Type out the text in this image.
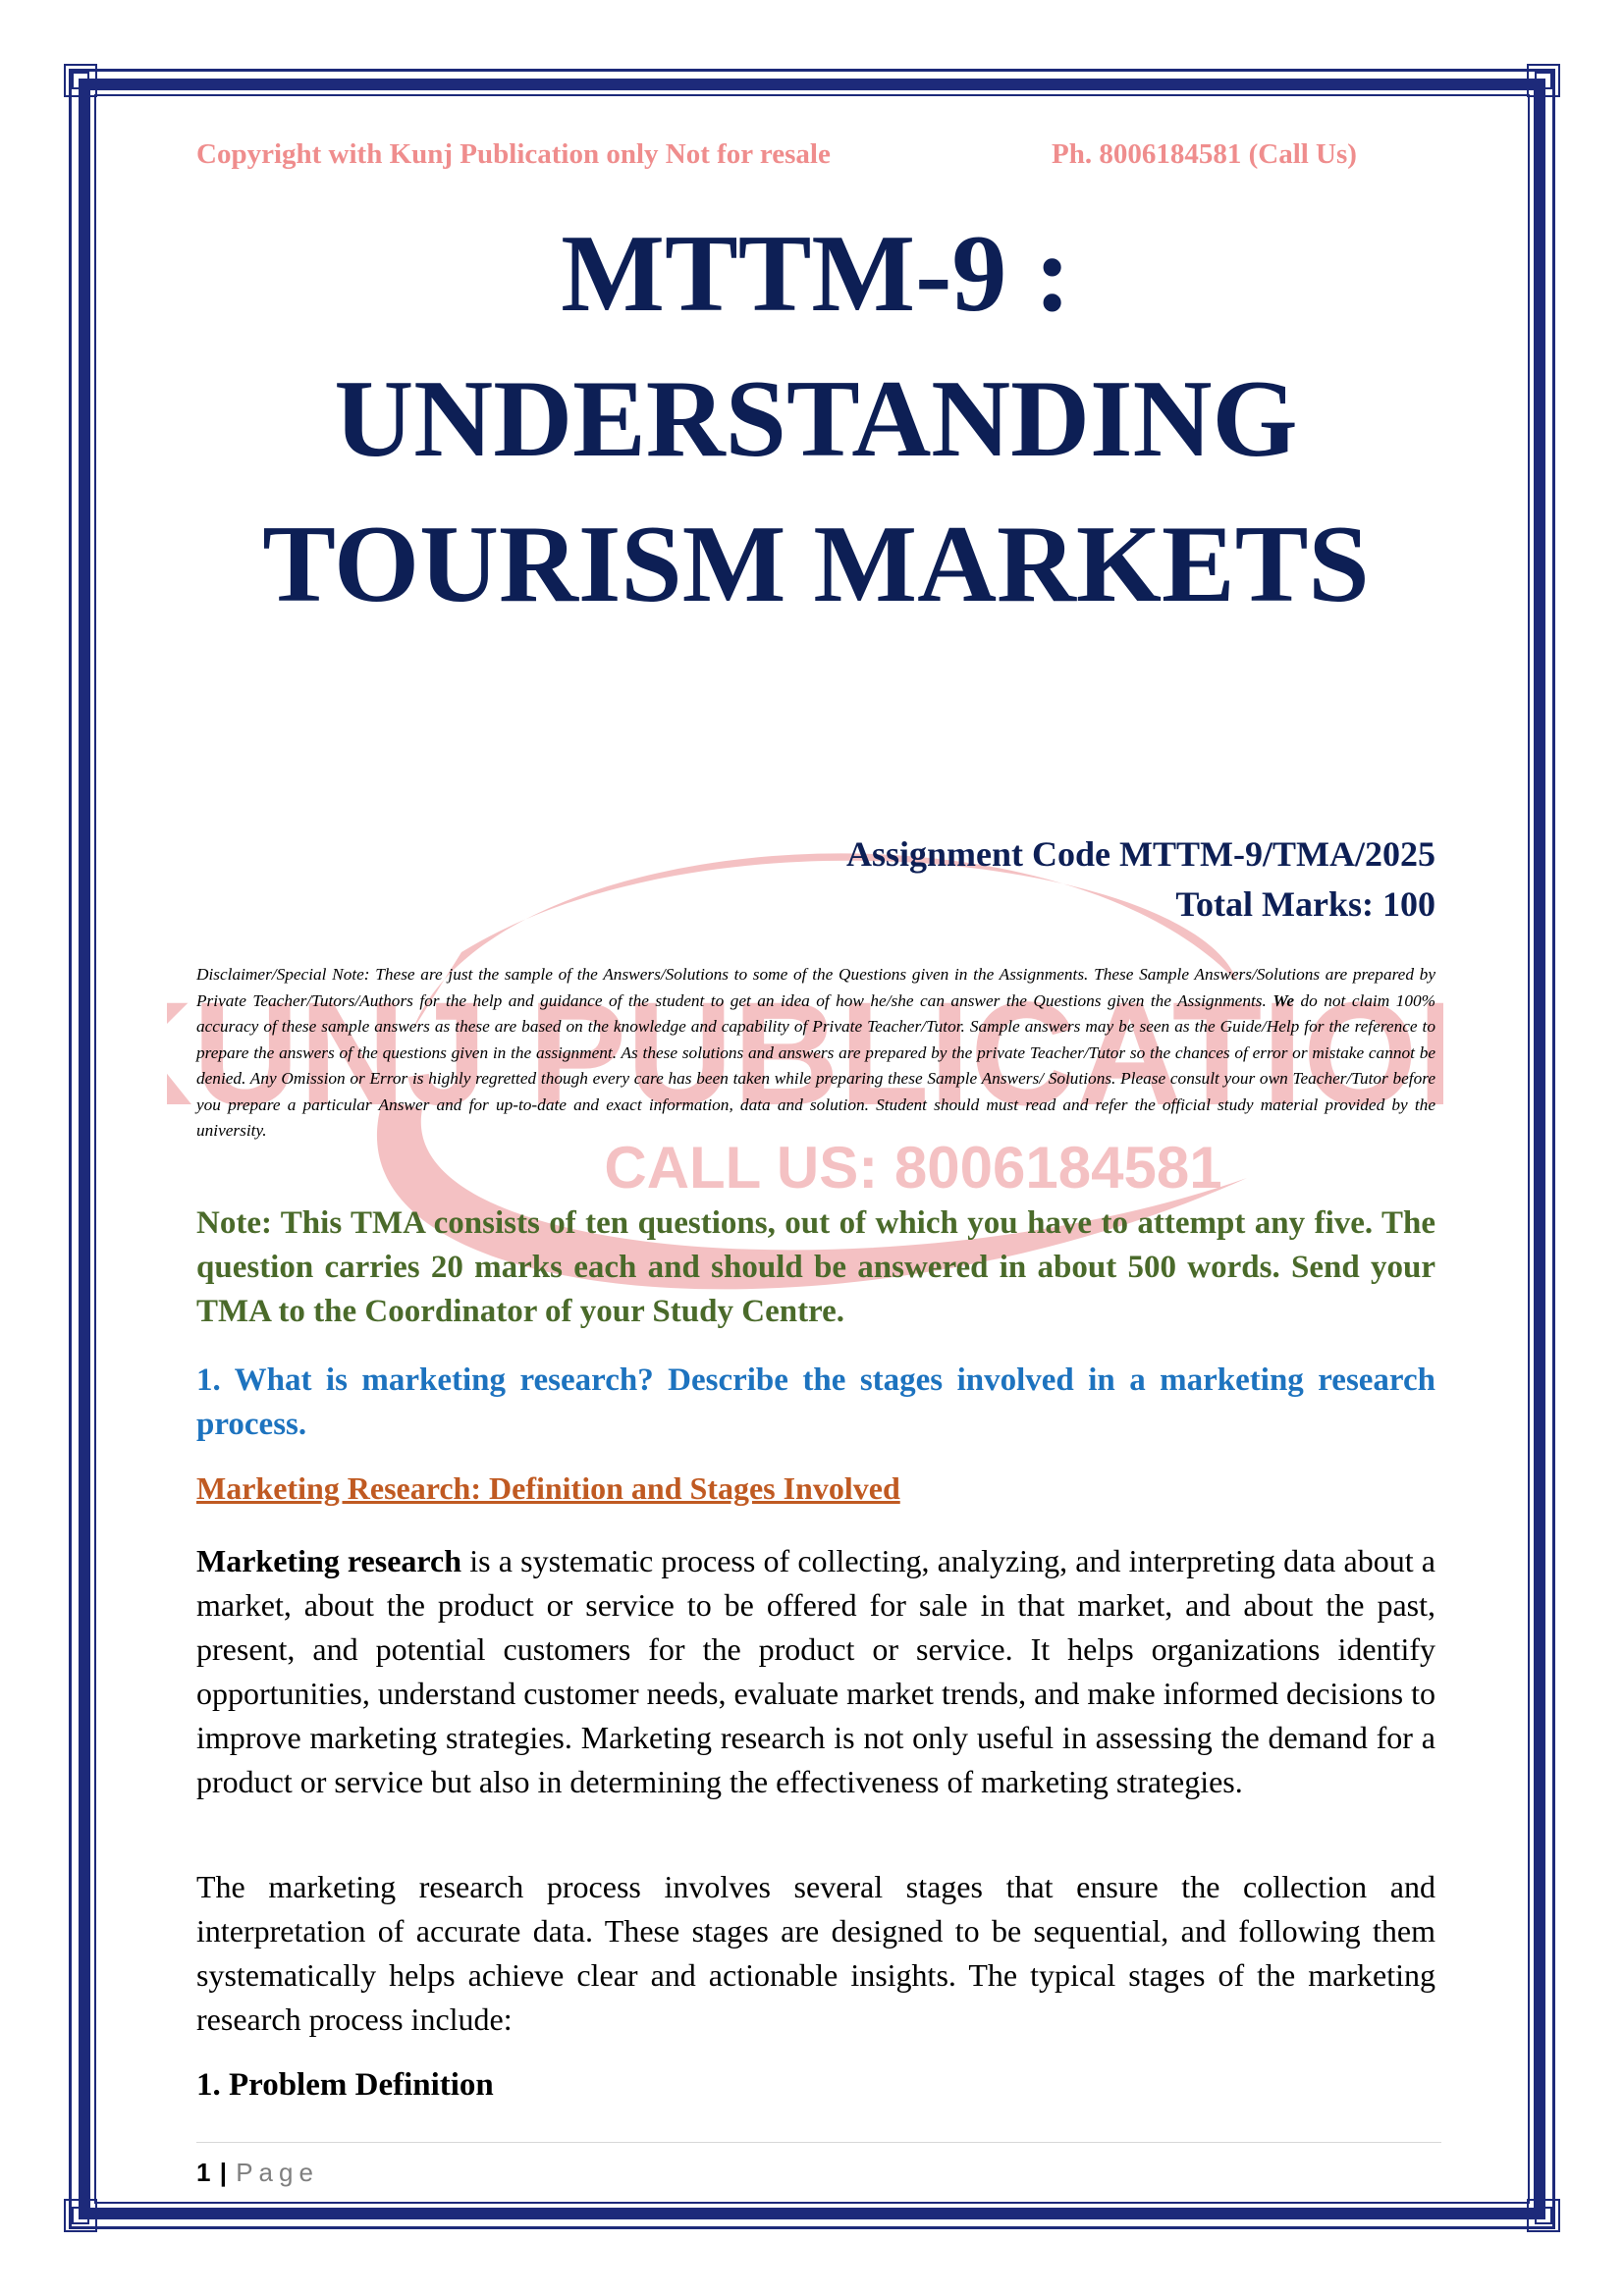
UNJ PUBLICATION
CALL US: 8006184581
Copyright with Kunj Publication only Not for resale	Ph. 8006184581 (Call Us)
MTTM-9 :
UNDERSTANDING
TOURISM MARKETS
Assignment Code MTTM-9/TMA/2025
Total Marks: 100
Disclaimer/Special Note: These are just the sample of the Answers/Solutions to some of the Questions given in the Assignments. These Sample Answers/Solutions are prepared by Private Teacher/Tutors/Authors for the help and guidance of the student to get an idea of how he/she can answer the Questions given the Assignments. We do not claim 100% accuracy of these sample answers as these are based on the knowledge and capability of Private Teacher/Tutor. Sample answers may be seen as the Guide/Help for the reference to prepare the answers of the questions given in the assignment. As these solutions and answers are prepared by the private Teacher/Tutor so the chances of error or mistake cannot be denied. Any Omission or Error is highly regretted though every care has been taken while preparing these Sample Answers/ Solutions. Please consult your own Teacher/Tutor before you prepare a particular Answer and for up-to-date and exact information, data and solution. Student should must read and refer the official study material provided by the university.
Note: This TMA consists of ten questions, out of which you have to attempt any five. The question carries 20 marks each and should be answered in about 500 words. Send your TMA to the Coordinator of your Study Centre.
1. What is marketing research? Describe the stages involved in a marketing research process.
Marketing Research: Definition and Stages Involved
Marketing research is a systematic process of collecting, analyzing, and interpreting data about a market, about the product or service to be offered for sale in that market, and about the past, present, and potential customers for the product or service. It helps organizations identify opportunities, understand customer needs, evaluate market trends, and make informed decisions to improve marketing strategies. Marketing research is not only useful in assessing the demand for a product or service but also in determining the effectiveness of marketing strategies.
The marketing research process involves several stages that ensure the collection and interpretation of accurate data. These stages are designed to be sequential, and following them systematically helps achieve clear and actionable insights. The typical stages of the marketing research process include:
1. Problem Definition
1 | Page
